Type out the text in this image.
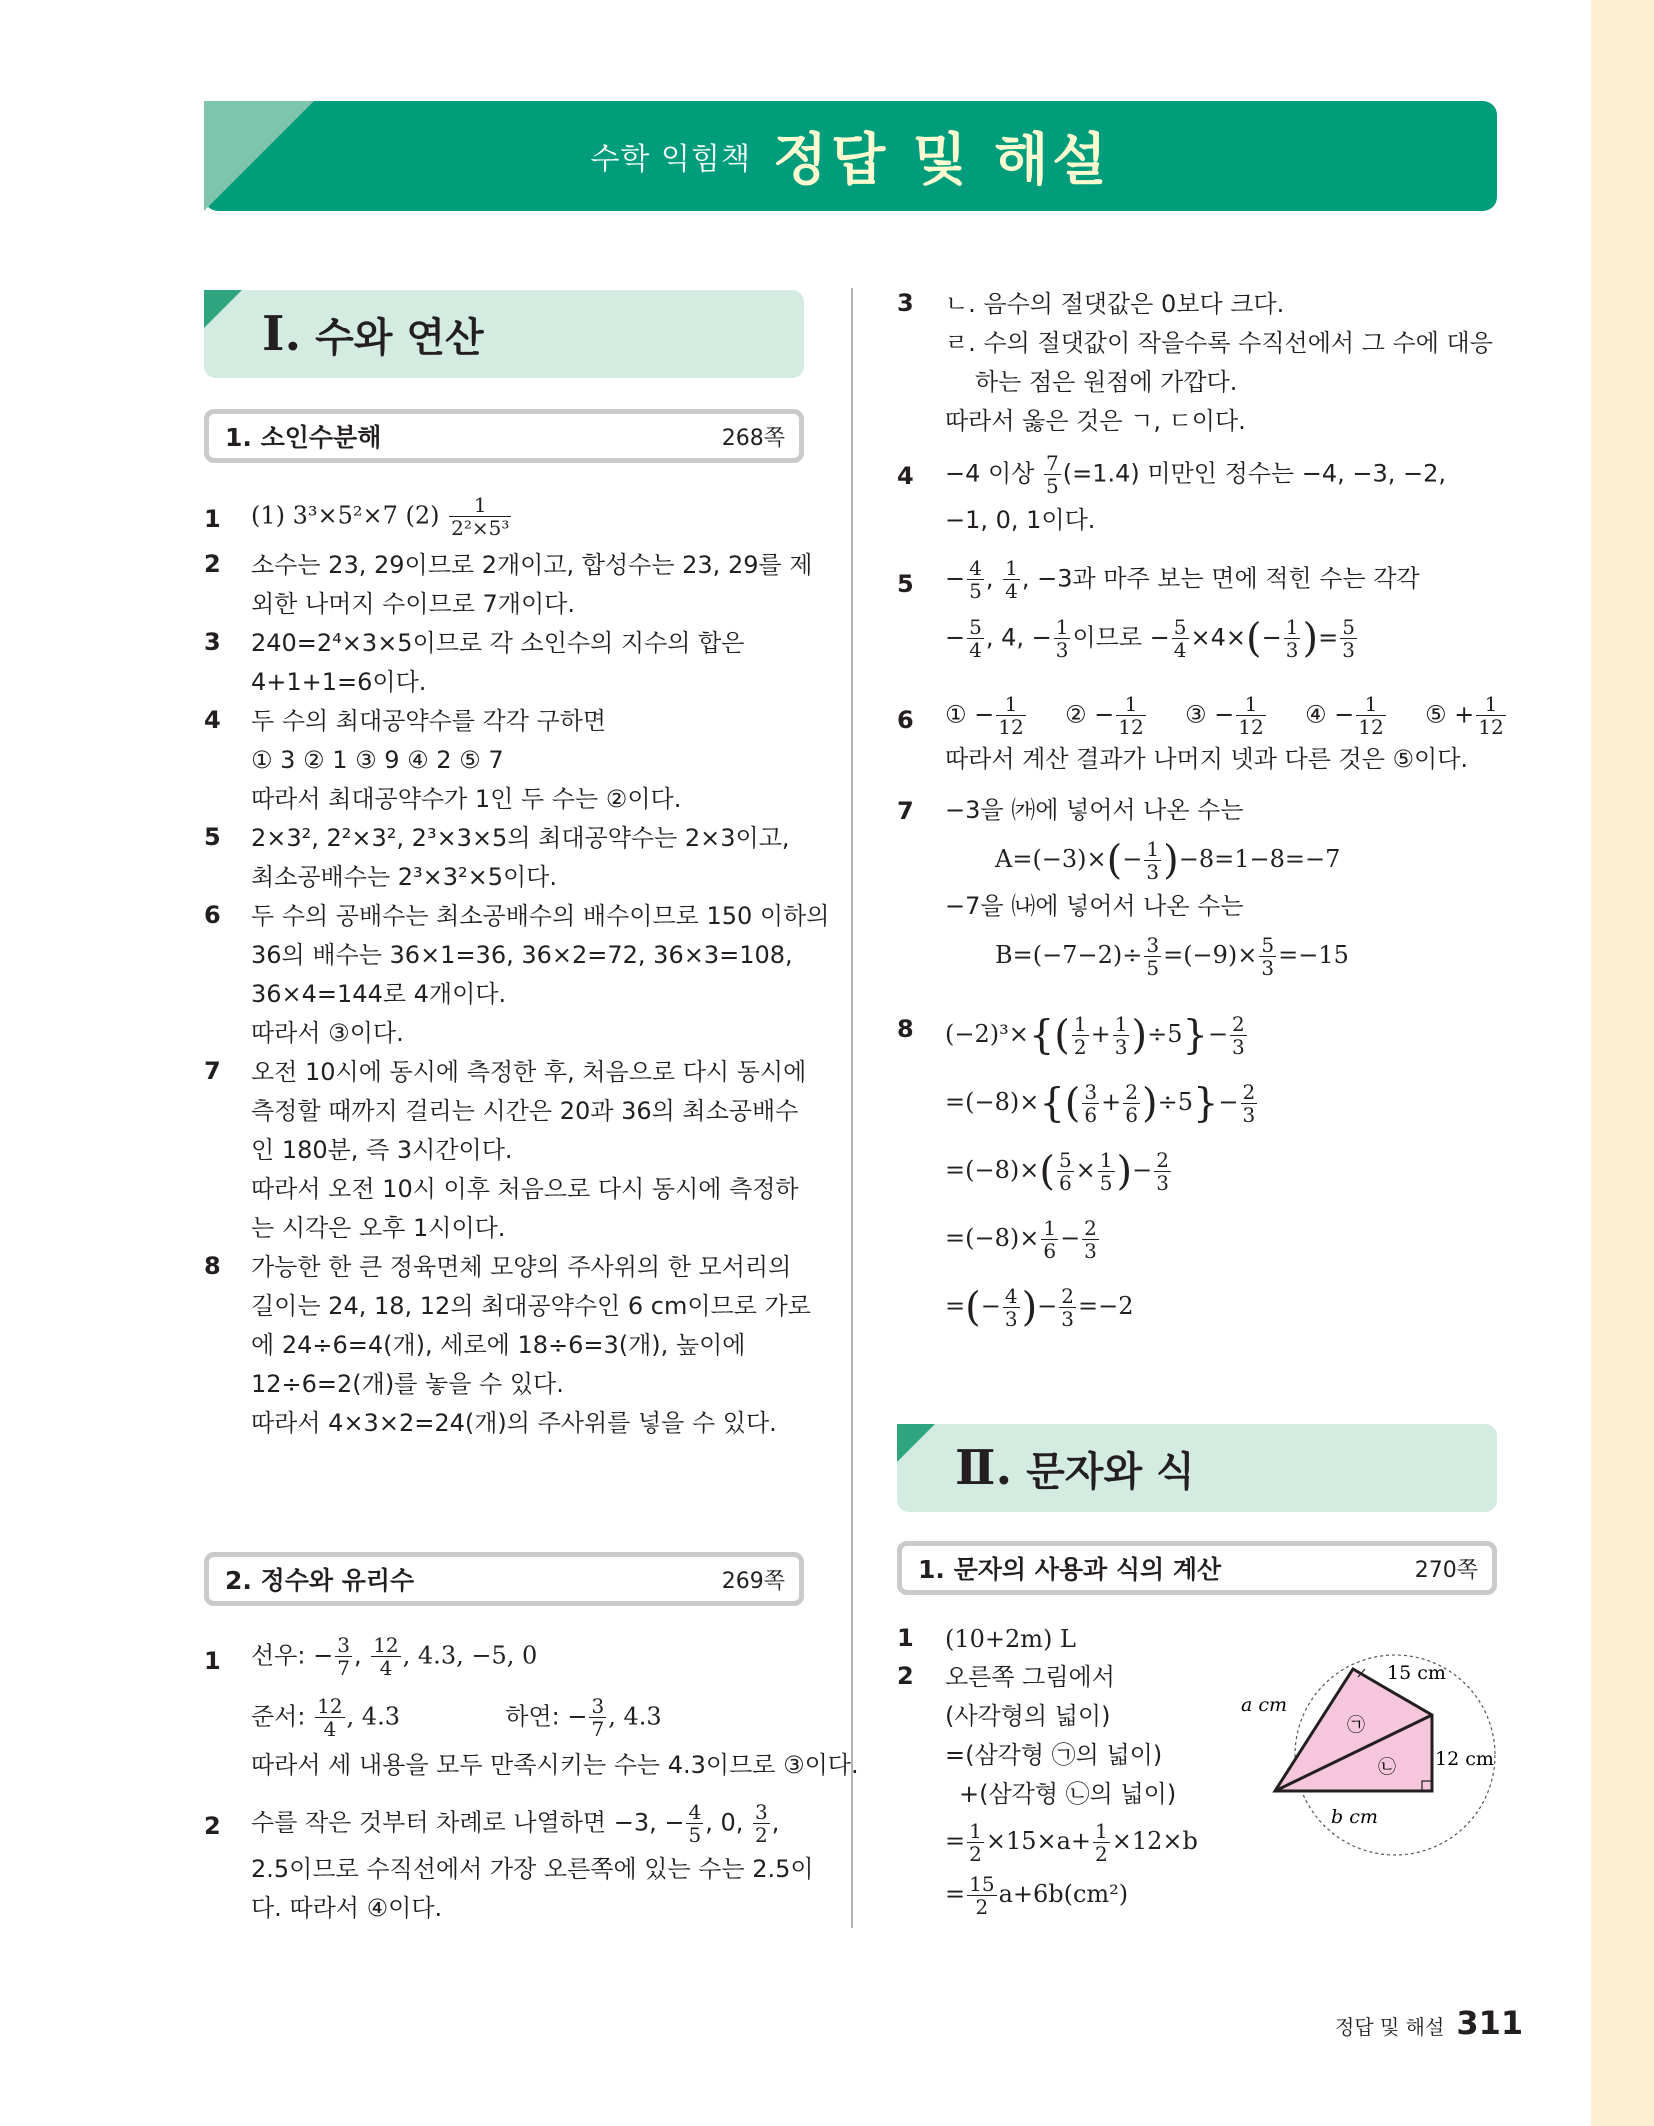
수학 익힘책 정답 및 해설
Ⅰ. 수와 연산
1. 소인수분해	268쪽
1 (1) 3³×5²×7 $(2) \frac{1}{\text{2²×5³}}$
2 소수는 23, 29이므로 2개이고, 합성수는 23, 29를 제
외한 나머지 수이므로 7개이다.
3 240=2⁴×3×5이므로 각 소인수의 지수의 합은
4+1+1=6이다.
4 두 수의 최대공약수를 각각 구하면
① 3 ② 1 ③ 9 ④ 2 ⑤ 7
따라서 최대공약수가 1인 두 수는 ②이다.
5 2×3², 2²×3², 2³×3×5의 최대공약수는 2×3이고,
최소공배수는 2³×3²×5이다.
6 두 수의 공배수는 최소공배수의 배수이므로 150 이하의
36의 배수는 36×1=36, 36×2=72, 36×3=108,
36×4=144로 4개이다.
따라서 ③이다.
7 오전 10시에 동시에 측정한 후, 처음으로 다시 동시에
측정할 때까지 걸리는 시간은 20과 36의 최소공배수
인 180분, 즉 3시간이다.
따라서 오전 10시 이후 처음으로 다시 동시에 측정하
는 시각은 오후 1시이다.
8 가능한 한 큰 정육면체 모양의 주사위의 한 모서리의
길이는 24, 18, 12의 최대공약수인 6 cm이므로 가로
에 24÷6=4(개), 세로에 18÷6=3(개), 높이에
12÷6=2(개)를 놓을 수 있다.
따라서 4×3×2=24(개)의 주사위를 넣을 수 있다.
2. 정수와 유리수	269쪽
1 선우: − $\frac{3}{7}$ , $\frac{12}{4}$ , 4.3, −5, 0
준서: $\frac{12}{4}$ , 4.3	하연: − $\frac{3}{7}$ , 4.3
따라서 세 내용을 모두 만족시키는 수는 4.3이므로 ③이다.
2 수를 작은 것부터 차례로 나열하면 −3, − $\frac{4}{5}$ , 0, $\frac{3}{2}$ ,
2.5이므로 수직선에서 가장 오른쪽에 있는 수는 2.5이
다. 따라서 ④이다.
3 ㄴ. 음수의 절댓값은 0보다 크다.
ㄹ. 수의 절댓값이 작을수록 수직선에서 그 수에 대응
하는 점은 원점에 가깝다.
따라서 옳은 것은 ㄱ, ㄷ이다.
4 −4 이상 $\frac{7}{5} (=1.4)$ 미만인 정수는 −4, −3, −2,
−1, 0, 1이다.
$5 - \frac{4}{5}$ , $\frac{1}{4}$ , −3과 마주 보는 면에 적힌 수는 각각
− $\frac{5}{4}$ , 4, − $\frac{1}{3}$ 이므로 − $\frac{5}{4} \times 4\times(- \frac{1}{3}$ )= $\frac{5}{3}$
6 ① − $\frac{1}{12}$ ② − $\frac{1}{12}$ ③ − $\frac{1}{12}$ ④ − $\frac{1}{12}$ ⑤ + $\frac{1}{12}$
따라서 계산 결과가 나머지 넷과 다른 것은 ⑤이다.
7 −3을 ㈎에 넣어서 나온 수는
$A=(-3)\times(- \frac{1}{3} )-8=1-8=-7$
−7을 ㈏에 넣어서 나온 수는
$B=(-7-2)\div \frac{3}{5} =(-9)\times \frac{5}{3} =-15$
8 $(-2)^3\times\{( \frac{1}{2} + \frac{1}{3} )\div 5\}- \frac{2}{3}$
$=(-8)\times\{( \frac{3}{6} + \frac{2}{6} )\div 5\}- \frac{2}{3}$
$=(-8)\times( \frac{5}{6} \times \frac{1}{5}$ )− $\frac{2}{3}$
$=(-8)\times \frac{1}{6} - \frac{2}{3}$
=(− $\frac{4}{3}$ )− $\frac{2}{3} =-2$
Ⅱ. 문자와 식
1. 문자의 사용과 식의 계산	270쪽
1 (10+2m) L
2 오른쪽 그림에서
(사각형의 넓이)
=(삼각형 ㉠의 넓이)
+(삼각형 ㉡의 넓이)
= $\frac{1}{2} \times 15\times a+ \frac{1}{2} \times 12\times b$
= $\frac{15}{2} a+6b(cm^2)$
a cm
15 cm
12 cm
b cm
㉠
㉡
정답 및 해설 311
